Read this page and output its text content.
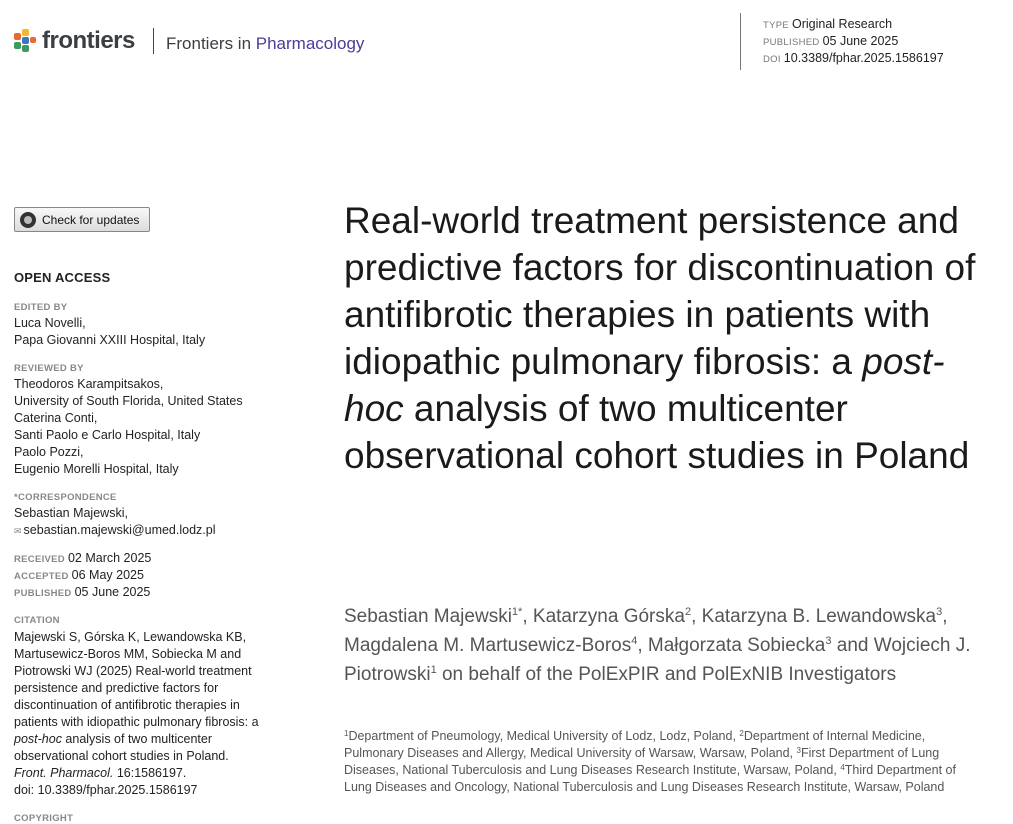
frontiers Frontiers in Pharmacology
TYPE Original Research
PUBLISHED 05 June 2025
DOI 10.3389/fphar.2025.1586197
Check for updates
OPEN ACCESS
EDITED BY
Luca Novelli,
Papa Giovanni XXIII Hospital, Italy
REVIEWED BY
Theodoros Karampitsakos,
University of South Florida, United States
Caterina Conti,
Santi Paolo e Carlo Hospital, Italy
Paolo Pozzi,
Eugenio Morelli Hospital, Italy
*CORRESPONDENCE
Sebastian Majewski,
✉ sebastian.majewski@umed.lodz.pl
RECEIVED 02 March 2025
ACCEPTED 06 May 2025
PUBLISHED 05 June 2025
CITATION
Majewski S, Górska K, Lewandowska KB,
Martusewicz-Boros MM, Sobiecka M and
Piotrowski WJ (2025) Real-world treatment
persistence and predictive factors for
discontinuation of antifibrotic therapies in
patients with idiopathic pulmonary fibrosis: a
post-hoc analysis of two multicenter
observational cohort studies in Poland.
Front. Pharmacol. 16:1586197.
doi: 10.3389/fphar.2025.1586197
COPYRIGHT
Real-world treatment persistence and predictive factors for discontinuation of antifibrotic therapies in patients with idiopathic pulmonary fibrosis: a post-hoc analysis of two multicenter observational cohort studies in Poland

Sebastian Majewski$^{1*}$, Katarzyna Górska$^2$, Katarzyna B. Lewandowska$^3$, Magdalena M. Martusewicz-Boros$^4$, Małgorzata Sobiecka$^3$ and Wojciech J. Piotrowski$^1$ on behalf of the PolExPIR and PolExNIB Investigators

$^1$Department of Pneumology, Medical University of Lodz, Lodz, Poland, $^2$Department of Internal Medicine, Pulmonary Diseases and Allergy, Medical University of Warsaw, Warsaw, Poland, $^3$First Department of Lung Diseases, National Tuberculosis and Lung Diseases Research Institute, Warsaw, Poland, $^4$Third Department of Lung Diseases and Oncology, National Tuberculosis and Lung Diseases Research Institute, Warsaw, Poland
